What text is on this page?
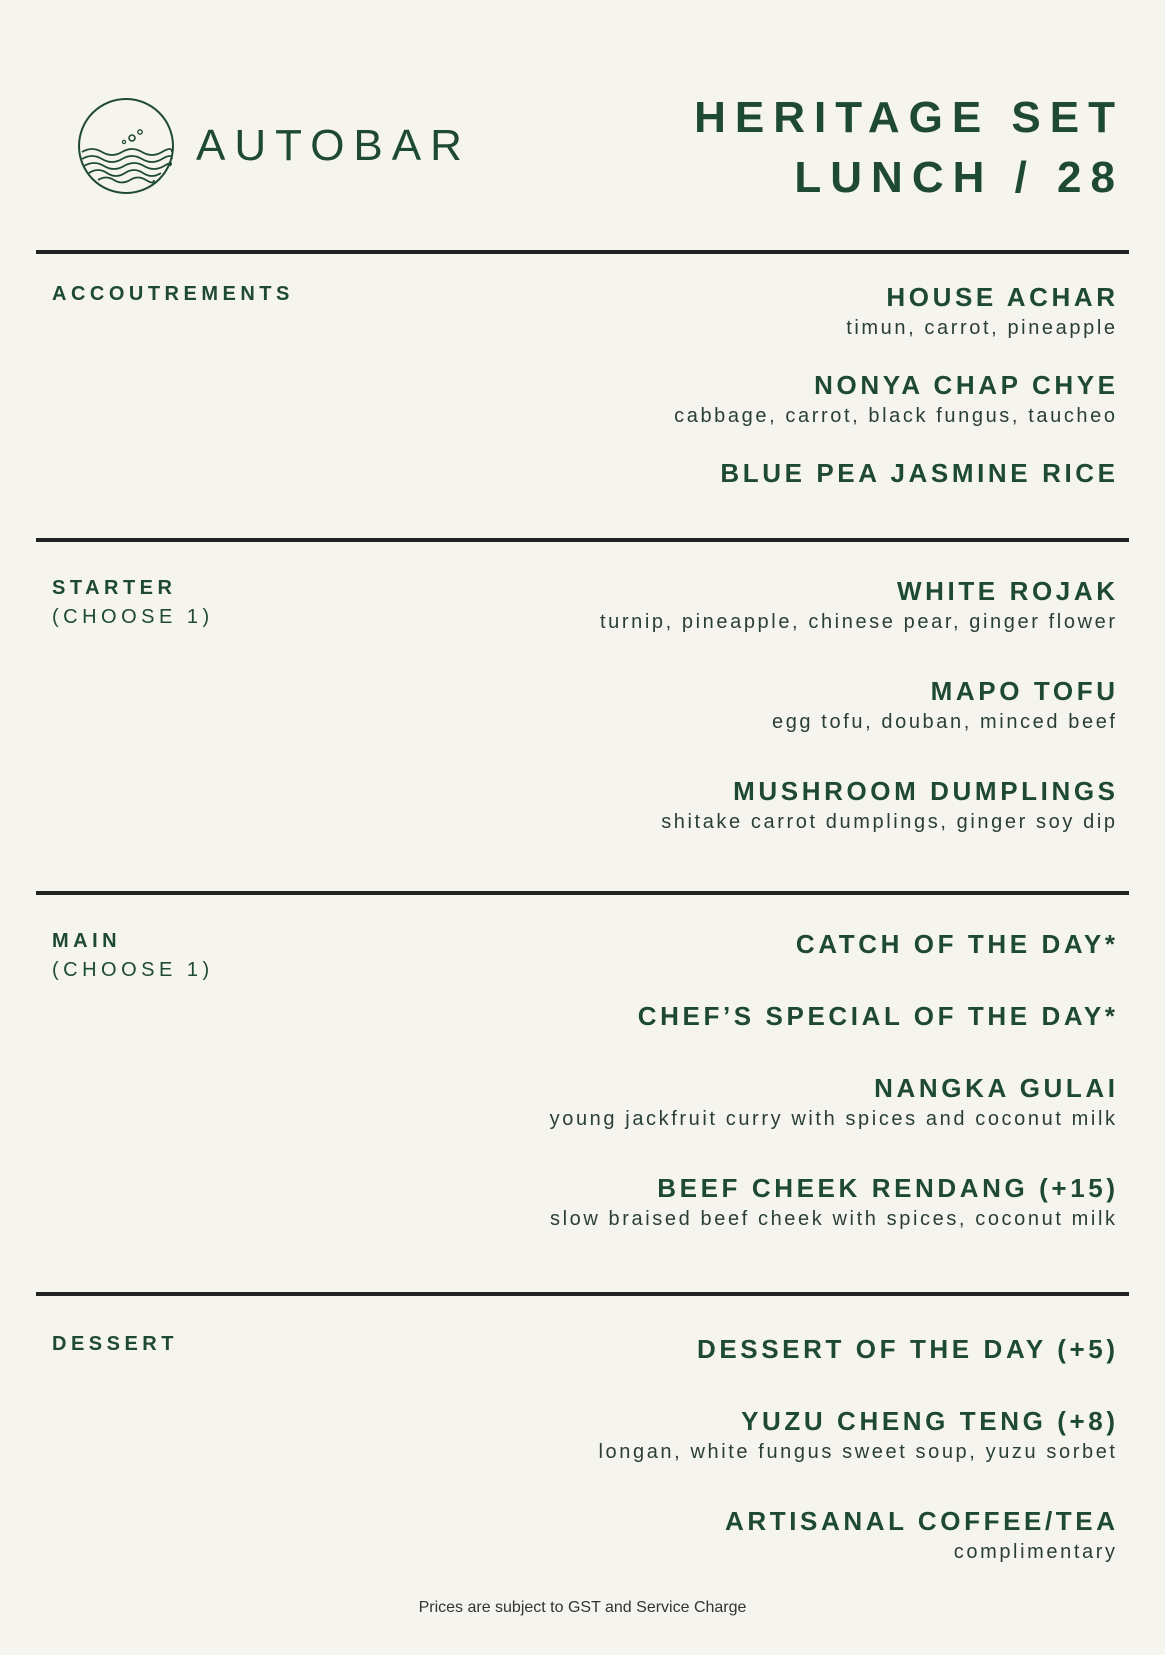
AUTOBAR
HERITAGE SET
LUNCH / 28
ACCOUTREMENTS	HOUSE ACHAR
timun, carrot, pineapple
NONYA CHAP CHYE
cabbage, carrot, black fungus, taucheo
BLUE PEA JASMINE RICE
STARTER
(CHOOSE 1)
WHITE ROJAK
turnip, pineapple, chinese pear, ginger flower
MAPO TOFU
egg tofu, douban, minced beef
MUSHROOM DUMPLINGS
shitake carrot dumplings, ginger soy dip
MAIN
(CHOOSE 1)
CATCH OF THE DAY*
CHEF’S SPECIAL OF THE DAY*
NANGKA GULAI
young jackfruit curry with spices and coconut milk
BEEF CHEEK RENDANG (+15)
slow braised beef cheek with spices, coconut milk
DESSERT	DESSERT OF THE DAY (+5)
YUZU CHENG TENG (+8)
longan, white fungus sweet soup, yuzu sorbet
ARTISANAL COFFEE/TEA
complimentary
Prices are subject to GST and Service Charge
